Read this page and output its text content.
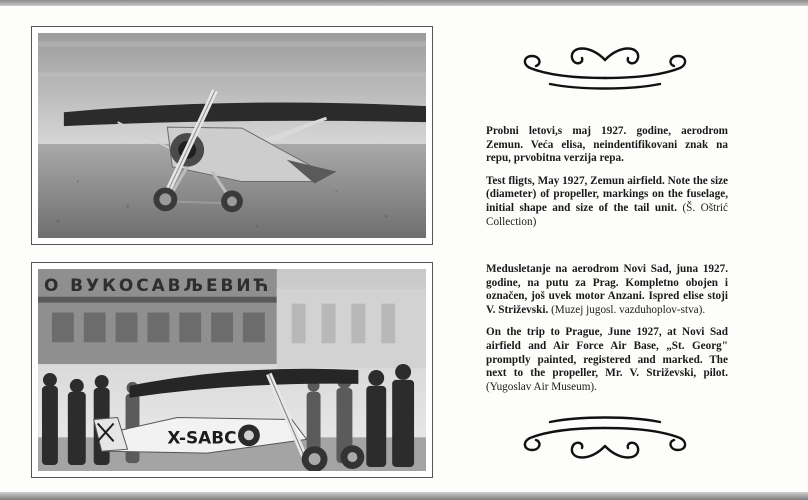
О ВУКОСАВЉЕВИЋ
X-SABC

Probni letovi,s maj 1927. godine, aerodrom Zemun. Veća elisa, neindentifikovani znak na repu, prvobitna verzija repa.

Test fligts, May 1927, Zemun airfield. Note the size (diameter) of propeller, markings on the fuselage, initial shape and size of the tail unit. (Š. Oštrić Collection)

Medusletanje na aerodrom Novi Sad, juna 1927. godine, na putu za Prag. Kompletno obojen i označen, još uvek motor Anzani. Ispred elise stoji V. Striževski. (Muzej jugosl. vazduhoplov-stva).

On the trip to Prague, June 1927, at Novi Sad airfield and Air Force Air Base, „St. Georg" promptly painted, registered and marked. The next to the propeller, Mr. V. Striževski, pilot. (Yugoslav Air Museum).
